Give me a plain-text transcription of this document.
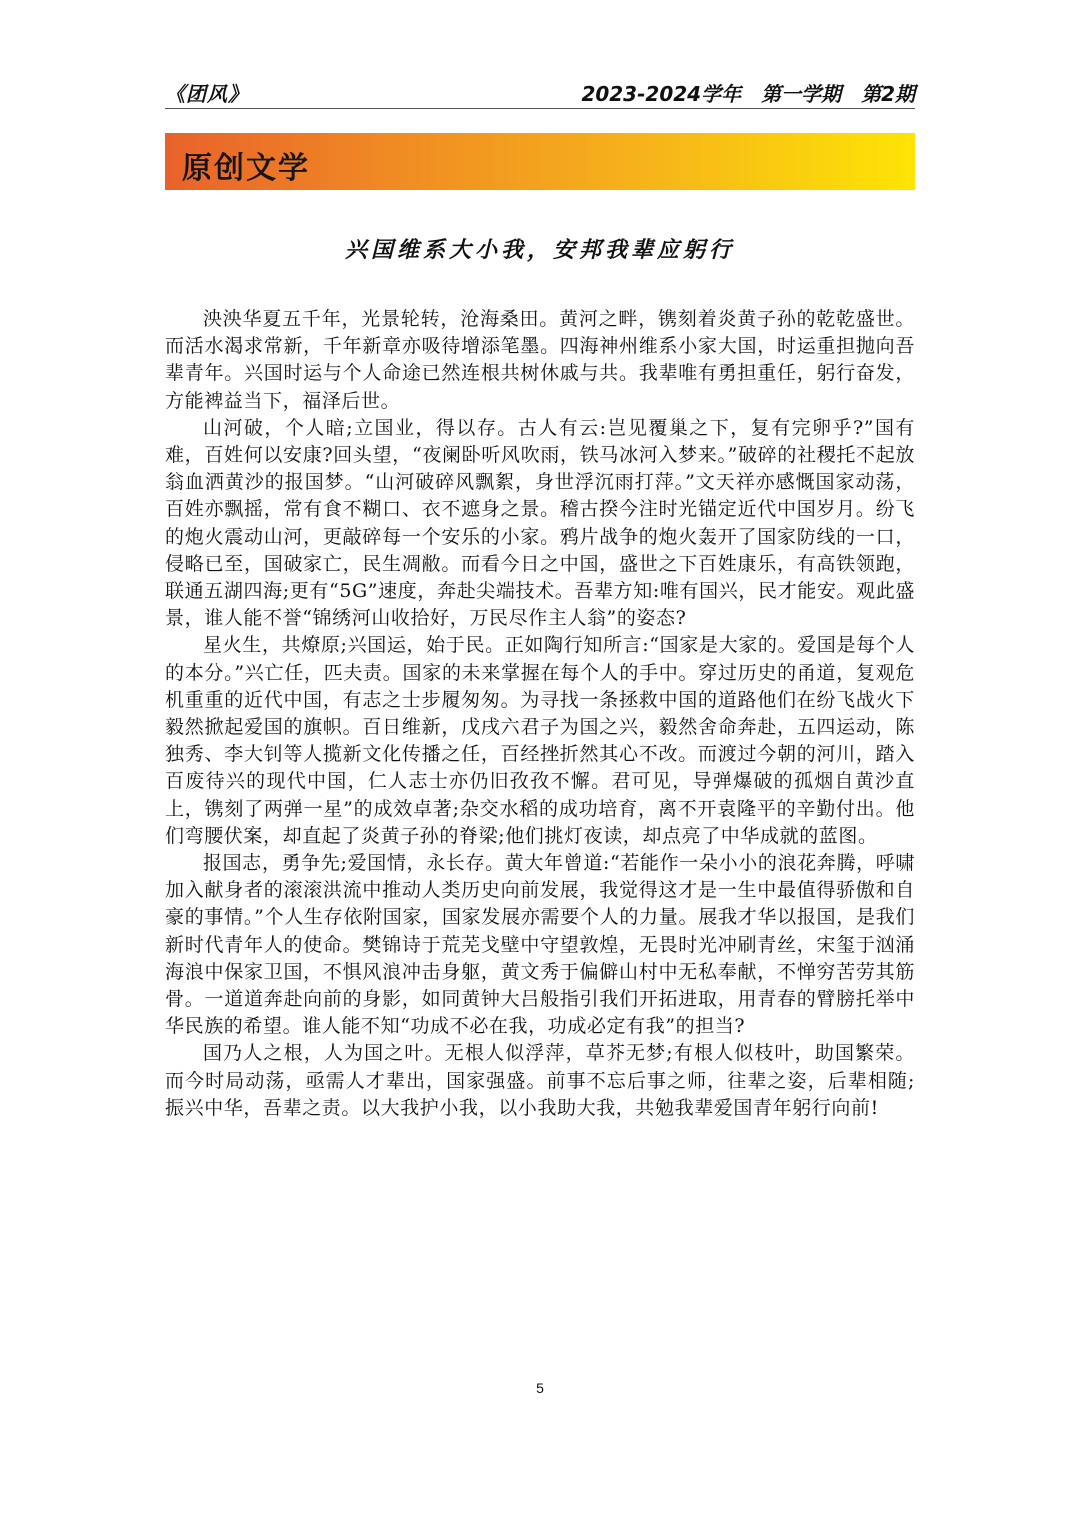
《团风》	2023-2024学年 第一学期 第2期
原创文学
兴国维系大小我，安邦我辈应躬行

泱泱华夏五千年，光景轮转，沧海桑田。黄河之畔，镌刻着炎黄子孙的乾乾盛世。而活水渴求常新，千年新章亦吸待增添笔墨。四海神州维系小家大国，时运重担抛向吾辈青年。兴国时运与个人命途已然连根共树休戚与共。我辈唯有勇担重任，躬行奋发，方能裨益当下，福泽后世。

山河破，个人暗;立国业，得以存。古人有云:岂见覆巢之下，复有完卵乎?”国有难，百姓何以安康?回头望，“夜阑卧听风吹雨，铁马冰河入梦来。”破碎的社稷托不起放翁血洒黄沙的报国梦。“山河破碎风飘絮，身世浮沉雨打萍。”文天祥亦感慨国家动荡，百姓亦飘摇，常有食不糊口、衣不遮身之景。稽古揆今注时光锚定近代中国岁月。纷飞的炮火震动山河，更敲碎每一个安乐的小家。鸦片战争的炮火轰开了国家防线的一口，侵略已至，国破家亡，民生凋敝。而看今日之中国，盛世之下百姓康乐，有高铁领跑，联通五湖四海;更有“5G”速度，奔赴尖端技术。吾辈方知:唯有国兴，民才能安。观此盛景，谁人能不誉“锦绣河山收拾好，万民尽作主人翁”的姿态?

星火生，共燎原;兴国运，始于民。正如陶行知所言:“国家是大家的。爱国是每个人的本分。”兴亡任，匹夫责。国家的未来掌握在每个人的手中。穿过历史的甬道，复观危机重重的近代中国，有志之士步履匆匆。为寻找一条拯救中国的道路他们在纷飞战火下毅然掀起爱国的旗帜。百日维新，戊戌六君子为国之兴，毅然舍命奔赴，五四运动，陈独秀、李大钊等人揽新文化传播之任，百经挫折然其心不改。而渡过今朝的河川，踏入百废待兴的现代中国，仁人志士亦仍旧孜孜不懈。君可见，导弹爆破的孤烟自黄沙直上，镌刻了两弹一星”的成效卓著;杂交水稻的成功培育，离不开袁隆平的辛勤付出。他们弯腰伏案，却直起了炎黄子孙的脊梁;他们挑灯夜读，却点亮了中华成就的蓝图。

报国志，勇争先;爱国情，永长存。黄大年曾道:“若能作一朵小小的浪花奔腾，呼啸加入献身者的滚滚洪流中推动人类历史向前发展，我觉得这才是一生中最值得骄傲和自豪的事情。”个人生存依附国家，国家发展亦需要个人的力量。展我才华以报国，是我们新时代青年人的使命。樊锦诗于荒芜戈壁中守望敦煌，无畏时光冲刷青丝，宋玺于汹涌海浪中保家卫国，不惧风浪冲击身躯，黄文秀于偏僻山村中无私奉献，不惮穷苦劳其筋骨。一道道奔赴向前的身影，如同黄钟大吕般指引我们开拓进取，用青春的臂膀托举中华民族的希望。谁人能不知“功成不必在我，功成必定有我”的担当?

国乃人之根，人为国之叶。无根人似浮萍，草芥无梦;有根人似枝叶，助国繁荣。而今时局动荡，亟需人才辈出，国家强盛。前事不忘后事之师，往辈之姿，后辈相随;振兴中华，吾辈之责。以大我护小我，以小我助大我，共勉我辈爱国青年躬行向前!

5
